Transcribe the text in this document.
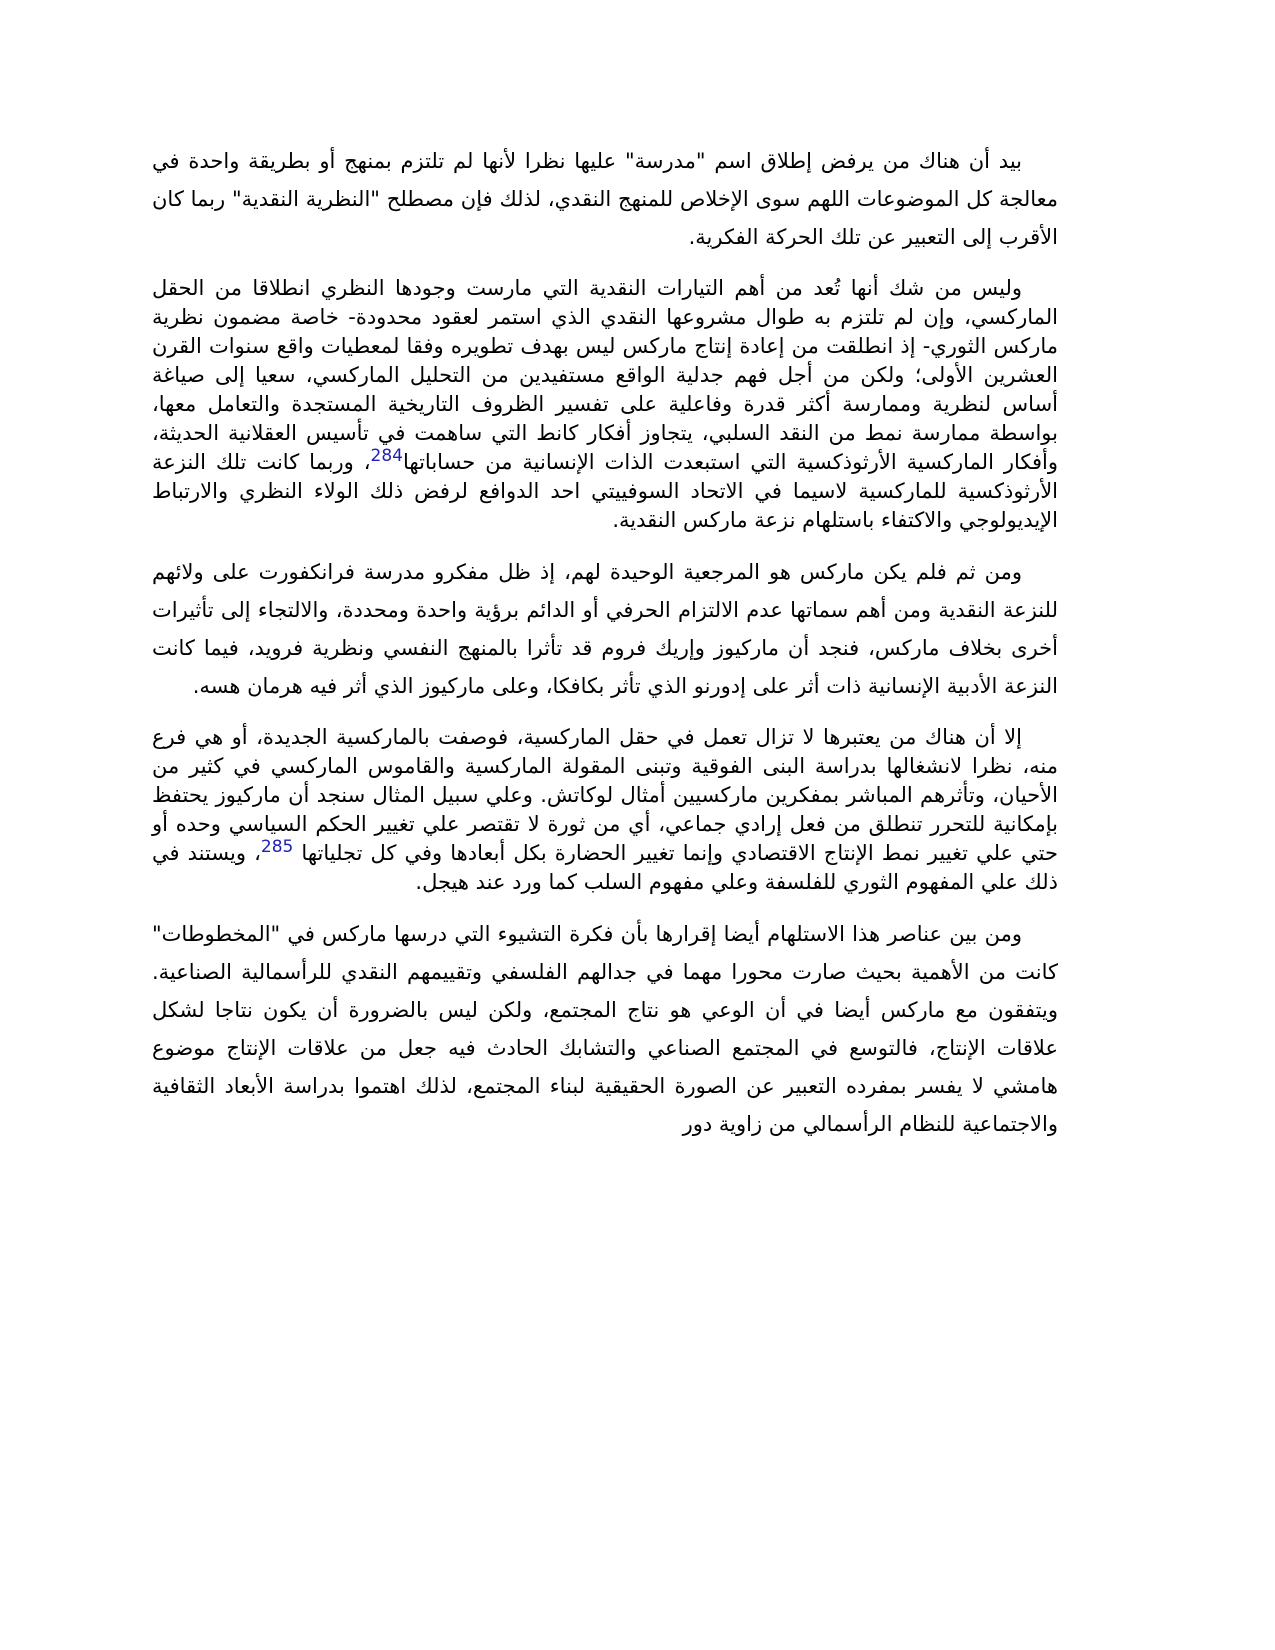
بيد أن هناك من يرفض إطلاق اسم "مدرسة" عليها نظرا لأنها لم تلتزم بمنهج أو بطريقة واحدة في معالجة كل الموضوعات اللهم سوى الإخلاص للمنهج النقدي، لذلك فإن مصطلح "النظرية النقدية" ربما كان الأقرب إلى التعبير عن تلك الحركة الفكرية.

وليس من شك أنها تُعد من أهم التيارات النقدية التي مارست وجودها النظري انطلاقا من الحقل الماركسي، وإن لم تلتزم به طوال مشروعها النقدي الذي استمر لعقود محدودة- خاصة مضمون نظرية ماركس الثوري- إذ انطلقت من إعادة إنتاج ماركس ليس بهدف تطويره وفقا لمعطيات واقع سنوات القرن العشرين الأولى؛ ولكن من أجل فهم جدلية الواقع مستفيدين من التحليل الماركسي، سعيا إلى صياغة أساس لنظرية وممارسة أكثر قدرة وفاعلية على تفسير الظروف التاريخية المستجدة والتعامل معها، بواسطة ممارسة نمط من النقد السلبي، يتجاوز أفكار كانط التي ساهمت في تأسيس العقلانية الحديثة، وأفكار الماركسية الأرثوذكسية التي استبعدت الذات الإنسانية من حساباتها$^{284}$، وربما كانت تلك النزعة الأرثوذكسية للماركسية لاسيما في الاتحاد السوفييتي احد الدوافع لرفض ذلك الولاء النظري والارتباط الإيديولوجي والاكتفاء باستلهام نزعة ماركس النقدية.

ومن ثم فلم يكن ماركس هو المرجعية الوحيدة لهم، إذ ظل مفكرو مدرسة فرانكفورت على ولائهم للنزعة النقدية ومن أهم سماتها عدم الالتزام الحرفي أو الدائم برؤية واحدة ومحددة، والالتجاء إلى تأثيرات أخرى بخلاف ماركس، فنجد أن ماركيوز وإريك فروم قد تأثرا بالمنهج النفسي ونظرية فرويد، فيما كانت النزعة الأدبية الإنسانية ذات أثر على إدورنو الذي تأثر بكافكا، وعلى ماركيوز الذي أثر فيه هرمان هسه.

إلا أن هناك من يعتبرها لا تزال تعمل في حقل الماركسية، فوصفت بالماركسية الجديدة، أو هي فرع منه، نظرا لانشغالها بدراسة البنى الفوقية وتبنى المقولة الماركسية والقاموس الماركسي في كثير من الأحيان، وتأثرهم المباشر بمفكرين ماركسيين أمثال لوكاتش. وعلي سبيل المثال سنجد أن ماركيوز يحتفظ بإمكانية للتحرر تنطلق من فعل إرادي جماعي، أي من ثورة لا تقتصر علي تغيير الحكم السياسي وحده أو حتي علي تغيير نمط الإنتاج الاقتصادي وإنما تغيير الحضارة بكل أبعادها وفي كل تجلياتها $^{285}$، ويستند في ذلك علي المفهوم الثوري للفلسفة وعلي مفهوم السلب كما ورد عند هيجل.

ومن بين عناصر هذا الاستلهام أيضا إقرارها بأن فكرة التشيوء التي درسها ماركس في "المخطوطات" كانت من الأهمية بحيث صارت محورا مهما في جدالهم الفلسفي وتقييمهم النقدي للرأسمالية الصناعية. ويتفقون مع ماركس أيضا في أن الوعي هو نتاج المجتمع، ولكن ليس بالضرورة أن يكون نتاجا لشكل علاقات الإنتاج، فالتوسع في المجتمع الصناعي والتشابك الحادث فيه جعل من علاقات الإنتاج موضوع هامشي لا يفسر بمفرده التعبير عن الصورة الحقيقية لبناء المجتمع، لذلك اهتموا بدراسة الأبعاد الثقافية والاجتماعية للنظام الرأسمالي من زاوية دور
